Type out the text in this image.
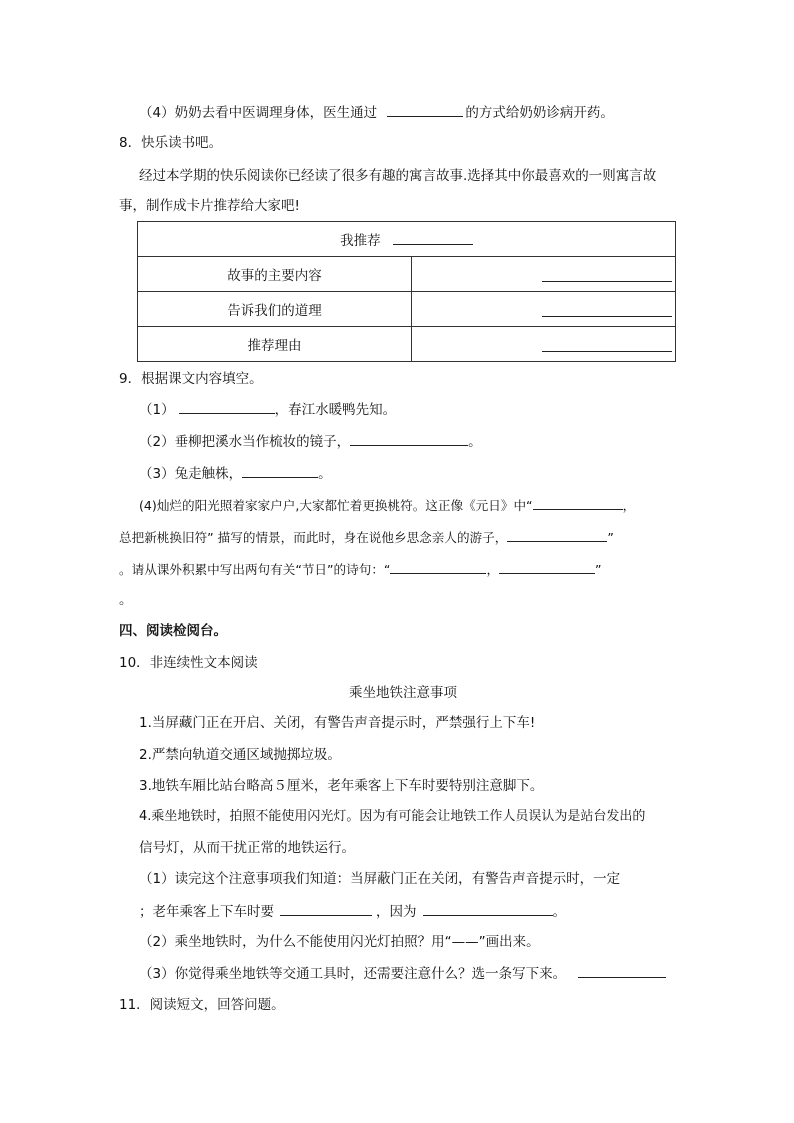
（4）奶奶去看中医调理身体，医生通过	的方式给奶奶诊病开药。
8．快乐读书吧。
经过本学期的快乐阅读你已经读了很多有趣的寓言故事.选择其中你最喜欢的一则寓言故
事，制作成卡片推荐给大家吧!
我推荐	
故事的主要内容	

告诉我们的道理	

推荐理由	
9．根据课文内容填空。
（1）	，春江水暖鸭先知。
（2）垂柳把溪水当作梳妆的镜子，	。
（3）兔走触株，	。
(4)灿烂的阳光照着家家户户,大家都忙着更换桃符。这正像《元日》中“	，
总把新桃换旧符” 描写的情景，而此时，身在说他乡思念亲人的游子，	”
。请从课外积累中写出两句有关“节日”的诗句：“	，	”
。
四、阅读检阅台。
10．非连续性文本阅读
乘坐地铁注意事项
1.当屏藏门正在开启、关闭，有警告声音提示时，严禁强行上下车!
2.严禁向轨道交通区域抛掷垃圾。
3.地铁车厢比站台略高５厘米，老年乘客上下车时要特别注意脚下。
4.乘坐地铁时，拍照不能使用闪光灯。因为有可能会让地铁工作人员误认为是站台发出的
信号灯，从而干扰正常的地铁运行。
（1）读完这个注意事项我们知道：当屏蔽门正在关闭，有警告声音提示时，一定
；老年乘客上下车时要	，因为	。
（2）乘坐地铁时，为什么不能使用闪光灯拍照？用“——”画出来。
（3）你觉得乘坐地铁等交通工具时，还需要注意什么？选一条写下来。
11．阅读短文，回答问题。
